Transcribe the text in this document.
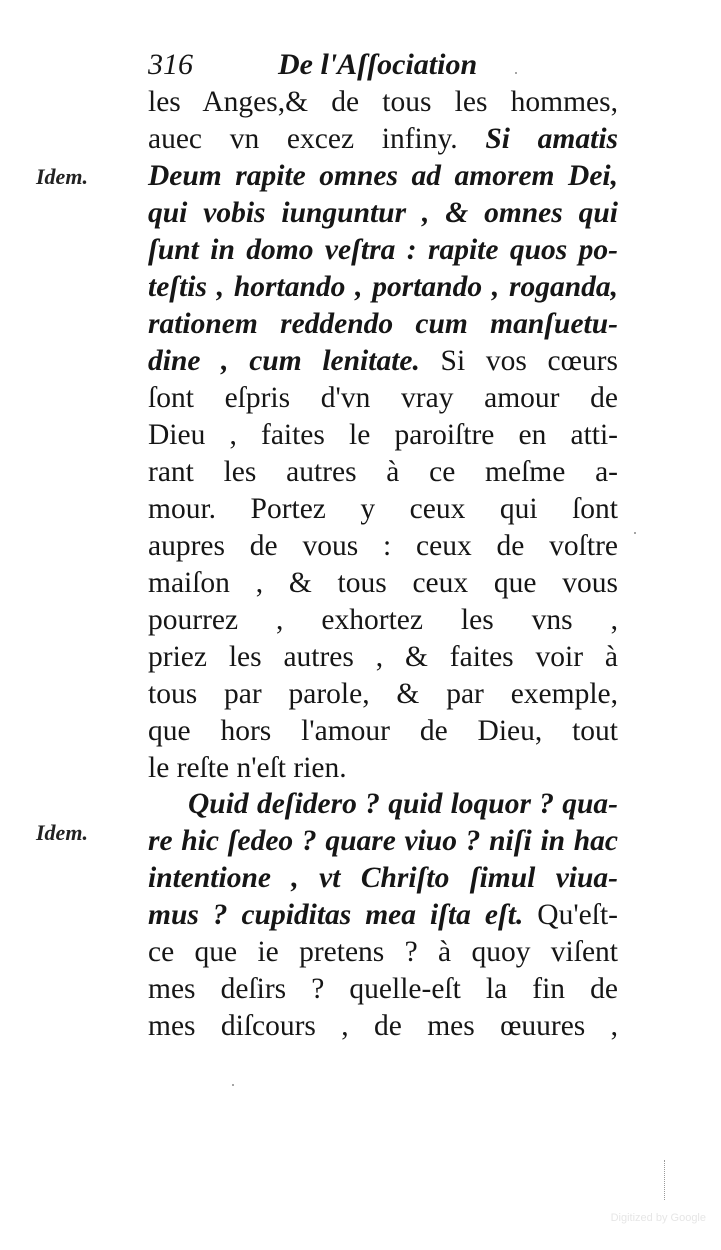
316	De l'Aſſociation
Idem.
Idem.
les Anges,& de tous les hommes,
auec vn excez infiny. Si amatis
Deum rapite omnes ad amorem Dei,
qui vobis iunguntur , & omnes qui
ſunt in domo veſtra : rapite quos po-
teſtis , hortando , portando , roganda,
rationem reddendo cum manſuetu-
dine , cum lenitate. Si vos cœurs
ſont eſpris d'vn vray amour de
Dieu , faites le paroiſtre en atti-
rant les autres à ce meſme a-
mour. Portez y ceux qui ſont
aupres de vous : ceux de voſtre
maiſon , & tous ceux que vous
pourrez , exhortez les vns ,
priez les autres , & faites voir à
tous par parole, & par exemple,
que hors l'amour de Dieu, tout
le reſte n'eſt rien.
Quid deſidero ? quid loquor ? qua-
re hic ſedeo ? quare viuo ? niſi in hac
intentione , vt Chriſto ſimul viua-
mus ? cupiditas mea iſta eſt. Qu'eſt-
ce que ie pretens ? à quoy viſent
mes deſirs ? quelle-eſt la fin de
mes diſcours , de mes œuures ,
Digitized by Google
